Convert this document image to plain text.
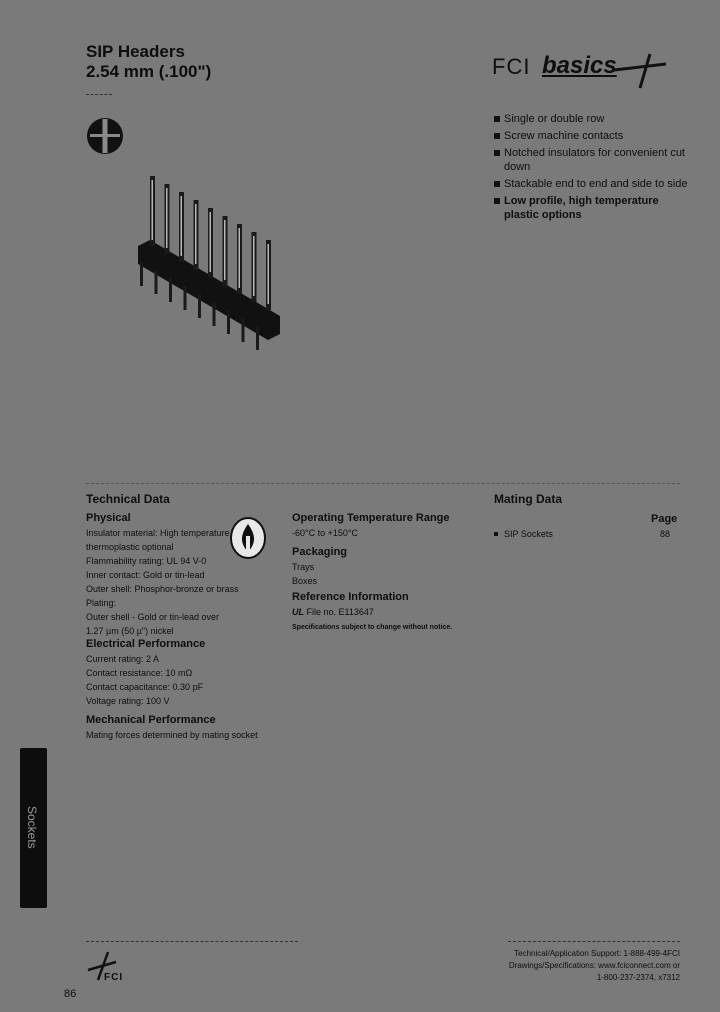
SIP Headers
2.54 mm (.100")	FCI basics
Single or double row
Screw machine contacts
Notched insulators for convenient cut down
Stackable end to end and side to side
Low profile, high temperature plastic options
Technical Data
Physical
Insulator material: High temperature
thermoplastic optional
Flammability rating: UL 94 V-0
Inner contact: Gold or tin-lead
Outer shell: Phosphor-bronze or brass
Plating:
Outer shell - Gold or tin-lead over
1.27 µm (50 µ") nickel
Electrical Performance
Current rating: 2 A
Contact resistance: 10 mΩ
Contact capacitance: 0.30 pF
Voltage rating: 100 V
Mechanical Performance
Mating forces determined by mating socket
Operating Temperature Range
-60°C to +150°C
Packaging
Trays
Boxes
Reference Information
UL File no. E113647
Specifications subject to change without notice.
Mating Data
Page
SIP Sockets	88
Sockets
FCI
86
Technical/Application Support: 1-888-499-4FCI
Drawings/Specifications: www.fciconnect.com or
1-800-237-2374, x7312
